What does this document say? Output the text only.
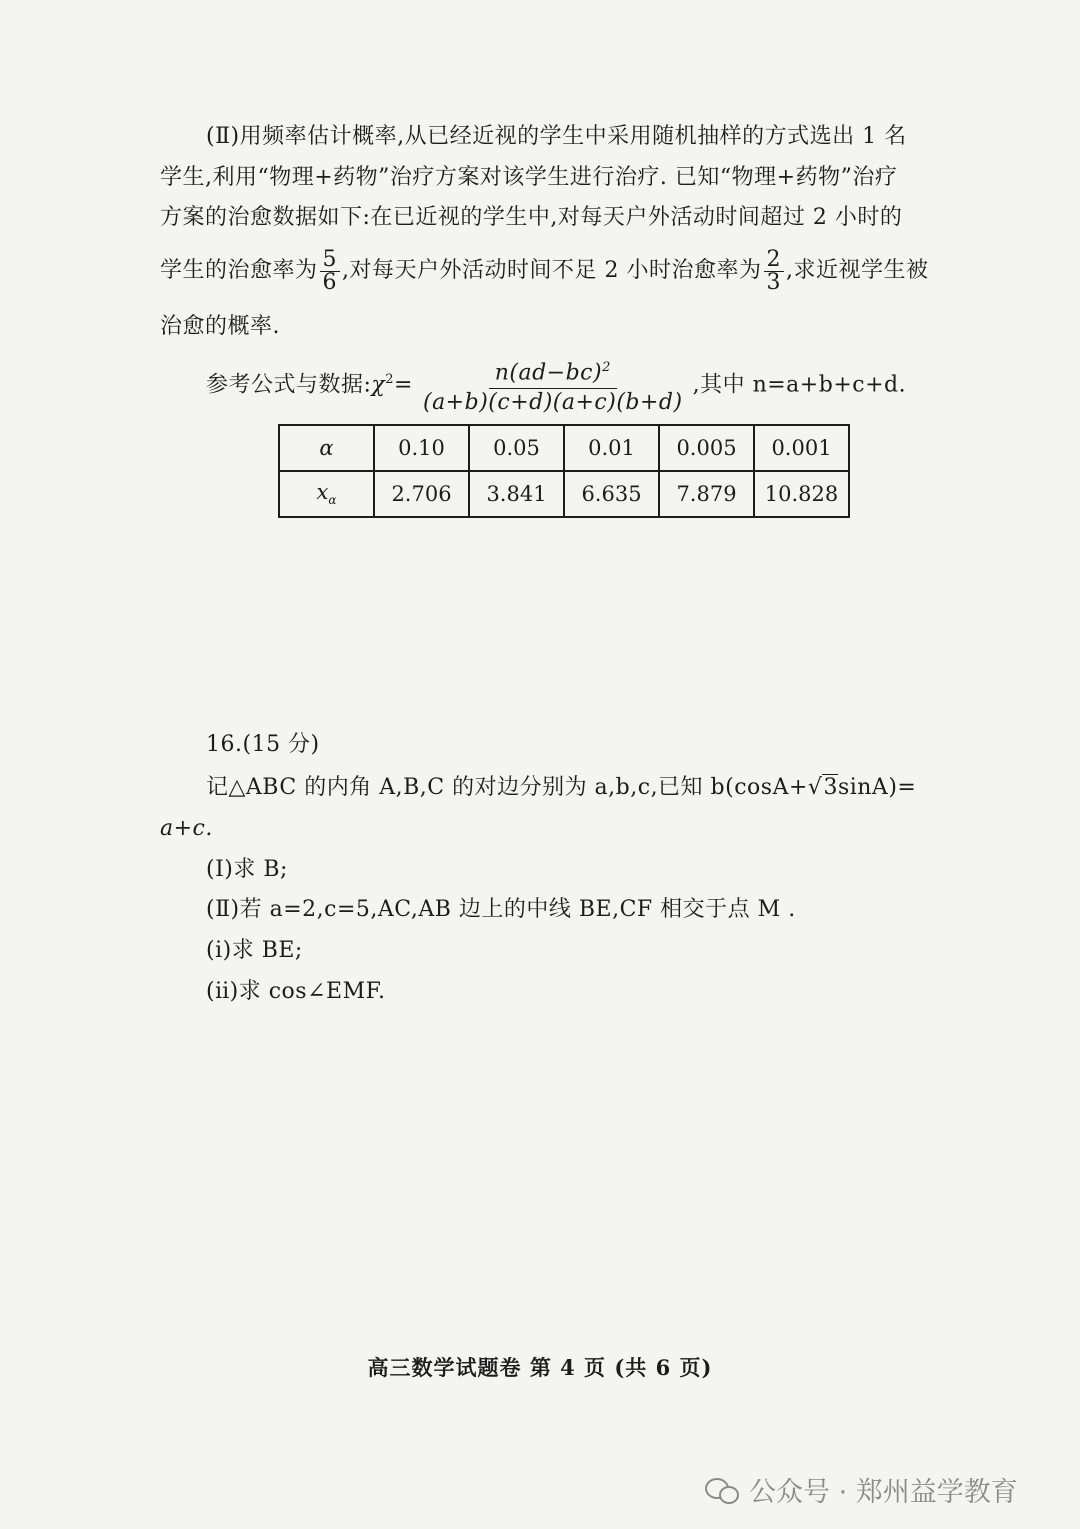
(Ⅱ)用频率估计概率,从已经近视的学生中采用随机抽样的方式选出 1 名
学生,利用“物理+药物”治疗方案对该学生进行治疗. 已知“物理+药物”治疗
方案的治愈数据如下:在已近视的学生中,对每天户外活动时间超过 2 小时的
学生的治愈率为 $\frac{5}{6}$ ,对每天户外活动时间不足 2 小时治愈率为 $\frac{2}{3}$ ,求近视学生被
治愈的概率.
参考公式与数据$:\chi^2= \frac{n(ad-bc)^2}{(a+b)(c+d)(a+c)(b+d)}$ ,其中 n=a+b+c+d.
α	0.10	0.05	0.01	0.005	0.001
$x_\alpha$	2.706	3.841	6.635	7.879	10.828
16.(15 分)
记△ABC 的内角 A,B,C 的对边分别为 a,b,c,已知 b(cosA+√3sinA)=
a+c.
(Ⅰ)求 B;
(Ⅱ)若 a=2,c=5,AC,AB 边上的中线 BE,CF 相交于点 M .
(ⅰ)求 BE;
(ⅱ)求 cos∠EMF.
高三数学试题卷 第 4 页 (共 6 页)
公众号 · 郑州益学教育
